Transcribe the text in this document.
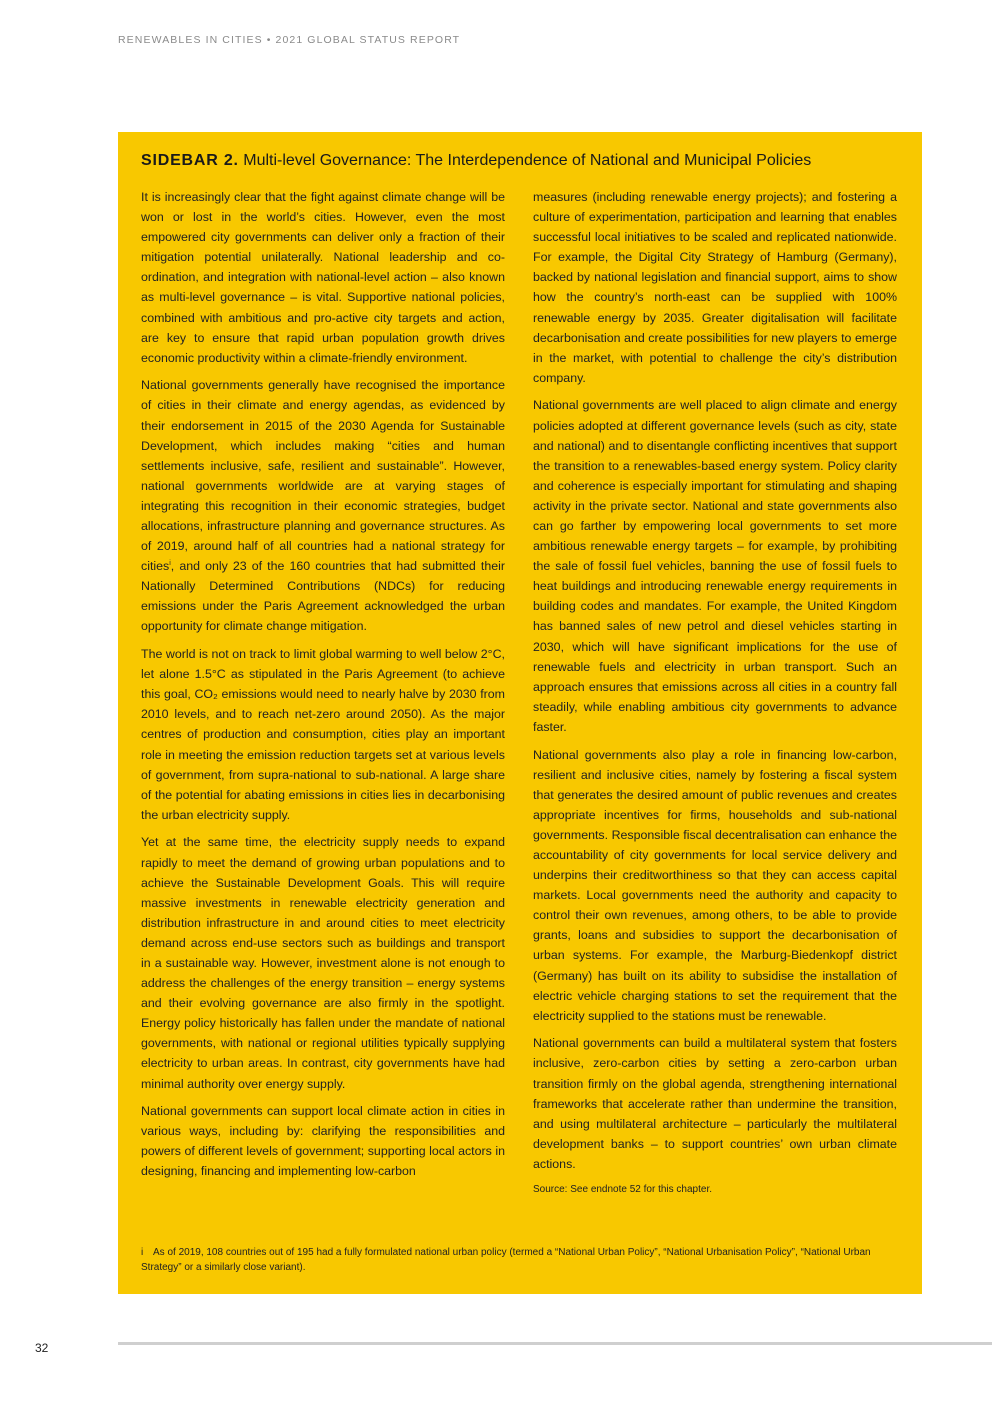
RENEWABLES IN CITIES • 2021 GLOBAL STATUS REPORT
SIDEBAR 2. Multi-level Governance: The Interdependence of National and Municipal Policies

It is increasingly clear that the fight against climate change will be won or lost in the world’s cities. However, even the most empowered city governments can deliver only a fraction of their mitigation potential unilaterally. National leadership and co-ordination, and integration with national-level action – also known as multi-level governance – is vital. Supportive national policies, combined with ambitious and pro-active city targets and action, are key to ensure that rapid urban population growth drives economic productivity within a climate-friendly environment.

National governments generally have recognised the importance of cities in their climate and energy agendas, as evidenced by their endorsement in 2015 of the 2030 Agenda for Sustainable Development, which includes making “cities and human settlements inclusive, safe, resilient and sustainable”. However, national governments worldwide are at varying stages of integrating this recognition in their economic strategies, budget allocations, infrastructure planning and governance structures. As of 2019, around half of all countries had a national strategy for cities$^i$, and only 23 of the 160 countries that had submitted their Nationally Determined Contributions (NDCs) for reducing emissions under the Paris Agreement acknowledged the urban opportunity for climate change mitigation.

The world is not on track to limit global warming to well below 2°C, let alone 1.5°C as stipulated in the Paris Agreement (to achieve this goal, CO₂ emissions would need to nearly halve by 2030 from 2010 levels, and to reach net-zero around 2050). As the major centres of production and consumption, cities play an important role in meeting the emission reduction targets set at various levels of government, from supra-national to sub-national. A large share of the potential for abating emissions in cities lies in decarbonising the urban electricity supply.

Yet at the same time, the electricity supply needs to expand rapidly to meet the demand of growing urban populations and to achieve the Sustainable Development Goals. This will require massive investments in renewable electricity generation and distribution infrastructure in and around cities to meet electricity demand across end-use sectors such as buildings and transport in a sustainable way. However, investment alone is not enough to address the challenges of the energy transition – energy systems and their evolving governance are also firmly in the spotlight. Energy policy historically has fallen under the mandate of national governments, with national or regional utilities typically supplying electricity to urban areas. In contrast, city governments have had minimal authority over energy supply.

National governments can support local climate action in cities in various ways, including by: clarifying the responsibilities and powers of different levels of government; supporting local actors in designing, financing and implementing low-carbon

measures (including renewable energy projects); and fostering a culture of experimentation, participation and learning that enables successful local initiatives to be scaled and replicated nationwide. For example, the Digital City Strategy of Hamburg (Germany), backed by national legislation and financial support, aims to show how the country’s north-east can be supplied with 100% renewable energy by 2035. Greater digitalisation will facilitate decarbonisation and create possibilities for new players to emerge in the market, with potential to challenge the city’s distribution company.

National governments are well placed to align climate and energy policies adopted at different governance levels (such as city, state and national) and to disentangle conflicting incentives that support the transition to a renewables-based energy system. Policy clarity and coherence is especially important for stimulating and shaping activity in the private sector. National and state governments also can go farther by empowering local governments to set more ambitious renewable energy targets – for example, by prohibiting the sale of fossil fuel vehicles, banning the use of fossil fuels to heat buildings and introducing renewable energy requirements in building codes and mandates. For example, the United Kingdom has banned sales of new petrol and diesel vehicles starting in 2030, which will have significant implications for the use of renewable fuels and electricity in urban transport. Such an approach ensures that emissions across all cities in a country fall steadily, while enabling ambitious city governments to advance faster.

National governments also play a role in financing low-carbon, resilient and inclusive cities, namely by fostering a fiscal system that generates the desired amount of public revenues and creates appropriate incentives for firms, households and sub-national governments. Responsible fiscal decentralisation can enhance the accountability of city governments for local service delivery and underpins their creditworthiness so that they can access capital markets. Local governments need the authority and capacity to control their own revenues, among others, to be able to provide grants, loans and subsidies to support the decarbonisation of urban systems. For example, the Marburg-Biedenkopf district (Germany) has built on its ability to subsidise the installation of electric vehicle charging stations to set the requirement that the electricity supplied to the stations must be renewable.

National governments can build a multilateral system that fosters inclusive, zero-carbon cities by setting a zero-carbon urban transition firmly on the global agenda, strengthening international frameworks that accelerate rather than undermine the transition, and using multilateral architecture – particularly the multilateral development banks – to support countries’ own urban climate actions.

Source: See endnote 52 for this chapter.
i As of 2019, 108 countries out of 195 had a fully formulated national urban policy (termed a “National Urban Policy”, “National Urbanisation Policy”, “National Urban Strategy” or a similarly close variant).
32
